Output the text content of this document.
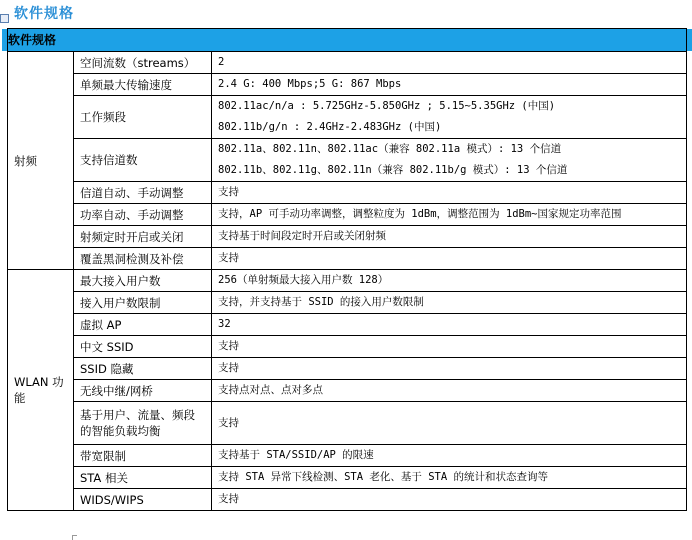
软件规格
软件规格		

射频	空间流数（streams）	2

	单频最大传输速度	2.4 G: 400 Mbps;5 G: 867 Mbps

	工作频段	802.11ac/n/a : 5.725GHz-5.850GHz ; 5.15~5.35GHz (中国)
802.11b/g/n : 2.4GHz-2.483GHz (中国)

	支持信道数	802.11a、802.11n、802.11ac（兼容 802.11a 模式）: 13 个信道
802.11b、802.11g、802.11n（兼容 802.11b/g 模式）: 13 个信道

	信道自动、手动调整	支持

	功率自动、手动调整	支持，AP 可手动功率调整，调整粒度为 1dBm，调整范围为 1dBm~国家规定功率范围

	射频定时开启或关闭	支持基于时间段定时开启或关闭射频

	覆盖黑洞检测及补偿	支持

WLAN 功能	最大接入用户数	256（单射频最大接入用户数 128）

	接入用户数限制	支持，并支持基于 SSID 的接入用户数限制

	虚拟 AP	32

	中文 SSID	支持

	SSID 隐藏	支持

	无线中继/网桥	支持点对点、点对多点

	基于用户、流量、频段的智能负载均衡	支持

	带宽限制	支持基于 STA/SSID/AP 的限速

	STA 相关	支持 STA 异常下线检测、STA 老化、基于 STA 的统计和状态查询等

	WIDS/WIPS	支持
